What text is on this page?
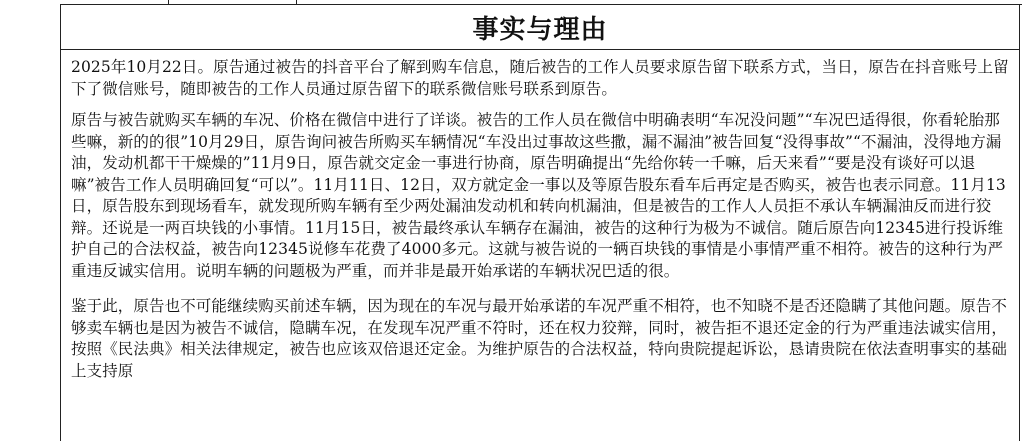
事实与理由

2025年10月22日。原告通过被告的抖音平台了解到购车信息，随后被告的工作人员要求原告留下联系方式，当日，原告在抖音账号上留下了微信账号，随即被告的工作人员通过原告留下的联系微信账号联系到原告。

原告与被告就购买车辆的车况、价格在微信中进行了详谈。被告的工作人员在微信中明确表明“车况没问题”“车况巴适得很，你看轮胎那些嘛，新的的很”10月29日，原告询问被告所购买车辆情况“车没出过事故这些撒，漏不漏油”被告回复“没得事故”“不漏油，没得地方漏油，发动机都干干燥燥的”11月9日，原告就交定金一事进行协商，原告明确提出“先给你转一千嘛，后天来看”“要是没有谈好可以退嘛”被告工作人员明确回复“可以”。11月11日、12日，双方就定金一事以及等原告股东看车后再定是否购买，被告也表示同意。11月13日，原告股东到现场看车，就发现所购车辆有至少两处漏油发动机和转向机漏油，但是被告的工作人人员拒不承认车辆漏油反而进行狡辩。还说是一两百块钱的小事情。11月15日，被告最终承认车辆存在漏油，被告的这种行为极为不诚信。随后原告向12345进行投诉维护自己的合法权益，被告向12345说修车花费了4000多元。这就与被告说的一辆百块钱的事情是小事情严重不相符。被告的这种行为严重违反诚实信用。说明车辆的问题极为严重，而并非是最开始承诺的车辆状况巴适的很。

鉴于此，原告也不可能继续购买前述车辆，因为现在的车况与最开始承诺的车况严重不相符，也不知晓不是否还隐瞒了其他问题。原告不够卖车辆也是因为被告不诚信，隐瞒车况，在发现车况严重不符时，还在权力狡辩，同时，被告拒不退还定金的行为严重违法诚实信用，按照《民法典》相关法律规定，被告也应该双倍退还定金。为维护原告的合法权益，特向贵院提起诉讼，恳请贵院在依法查明事实的基础上支持原
